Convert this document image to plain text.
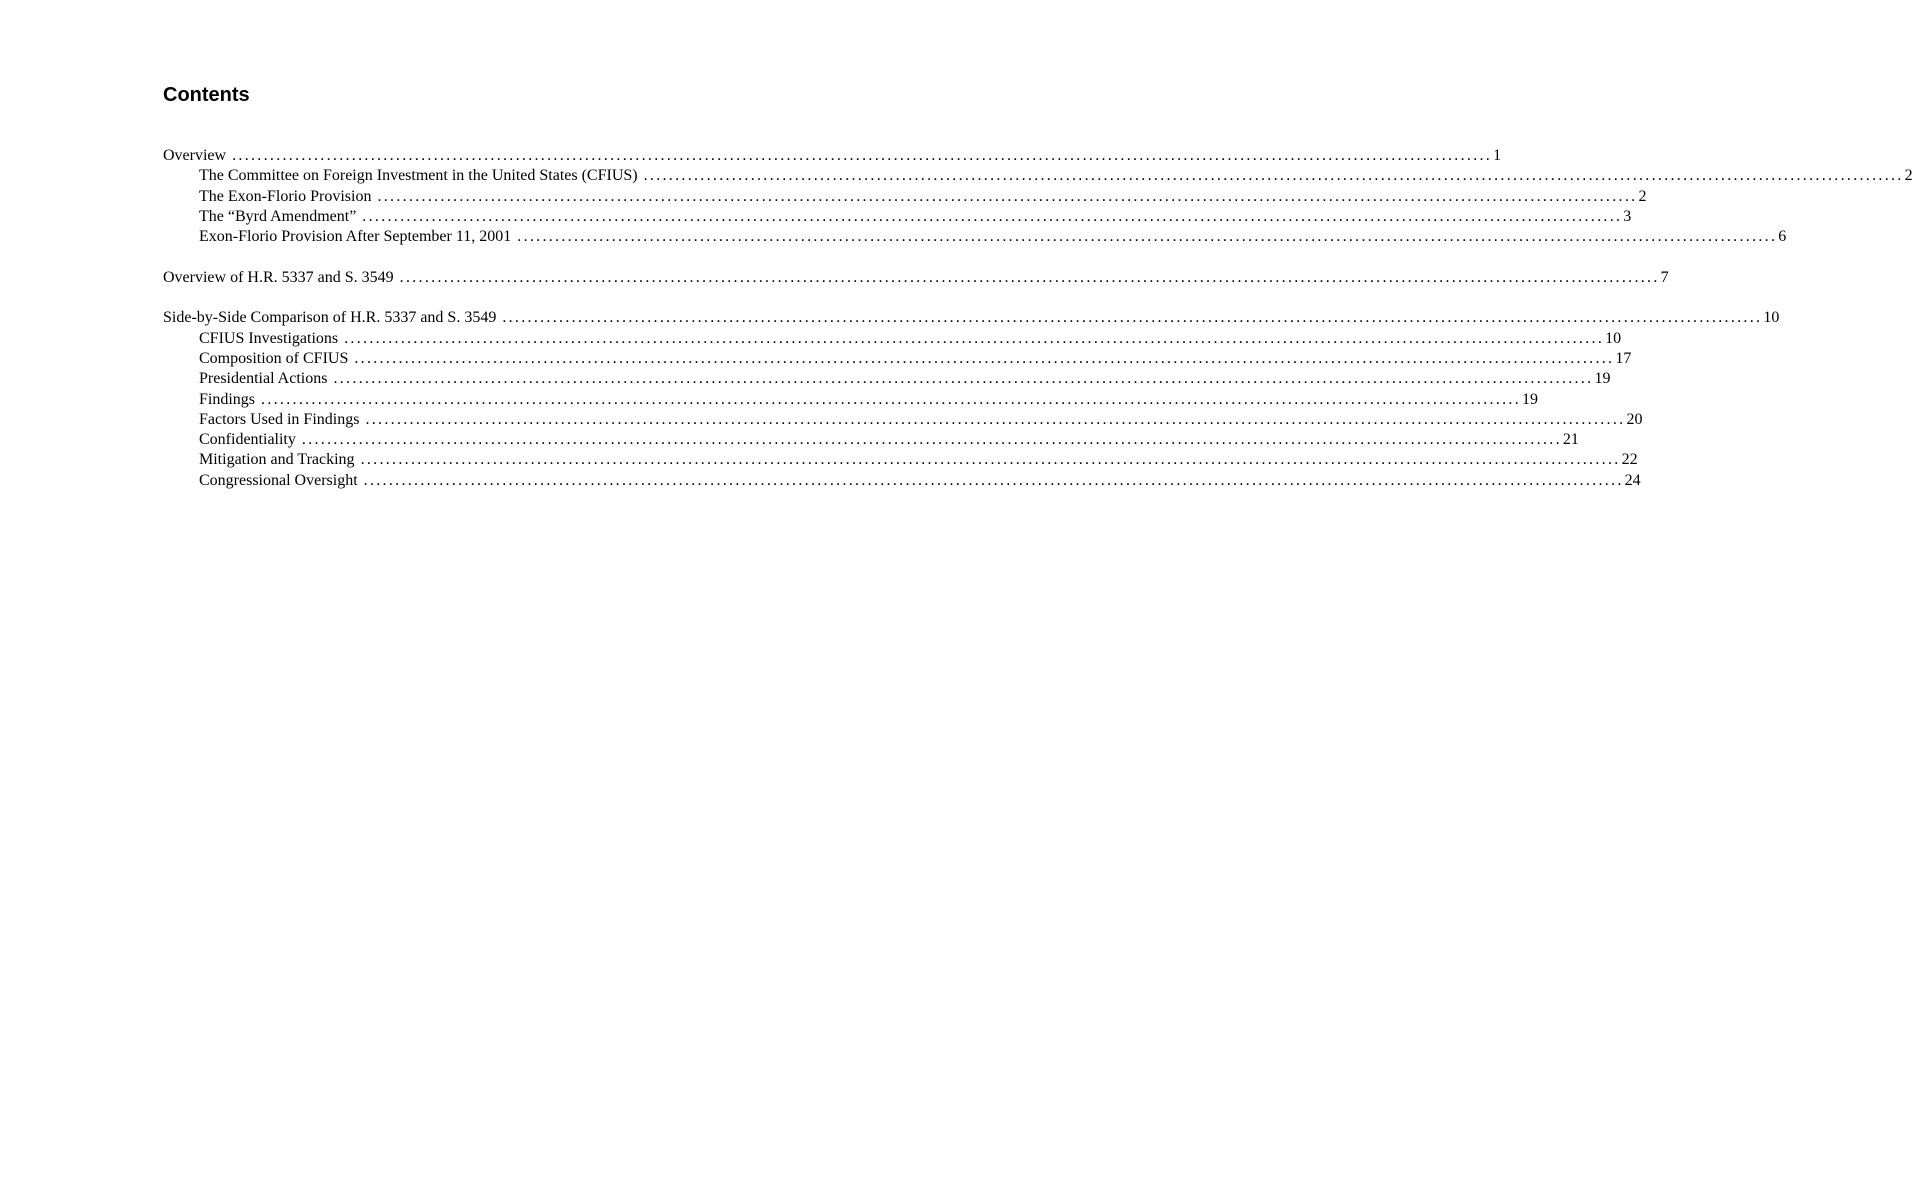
Contents
Overview ........................................................................................................................................................................................................ 1
The Committee on Foreign Investment in the United States (CFIUS) ........................................................................................................................................................................................................ 2
The Exon-Florio Provision ........................................................................................................................................................................................................ 2
The “Byrd Amendment” ........................................................................................................................................................................................................ 3
Exon-Florio Provision After September 11, 2001 ........................................................................................................................................................................................................ 6
Overview of H.R. 5337 and S. 3549 ........................................................................................................................................................................................................ 7
Side-by-Side Comparison of H.R. 5337 and S. 3549 ........................................................................................................................................................................................................ 10
CFIUS Investigations ........................................................................................................................................................................................................ 10
Composition of CFIUS ........................................................................................................................................................................................................ 17
Presidential Actions ........................................................................................................................................................................................................ 19
Findings ........................................................................................................................................................................................................ 19
Factors Used in Findings ........................................................................................................................................................................................................ 20
Confidentiality ........................................................................................................................................................................................................ 21
Mitigation and Tracking ........................................................................................................................................................................................................ 22
Congressional Oversight ........................................................................................................................................................................................................ 24
